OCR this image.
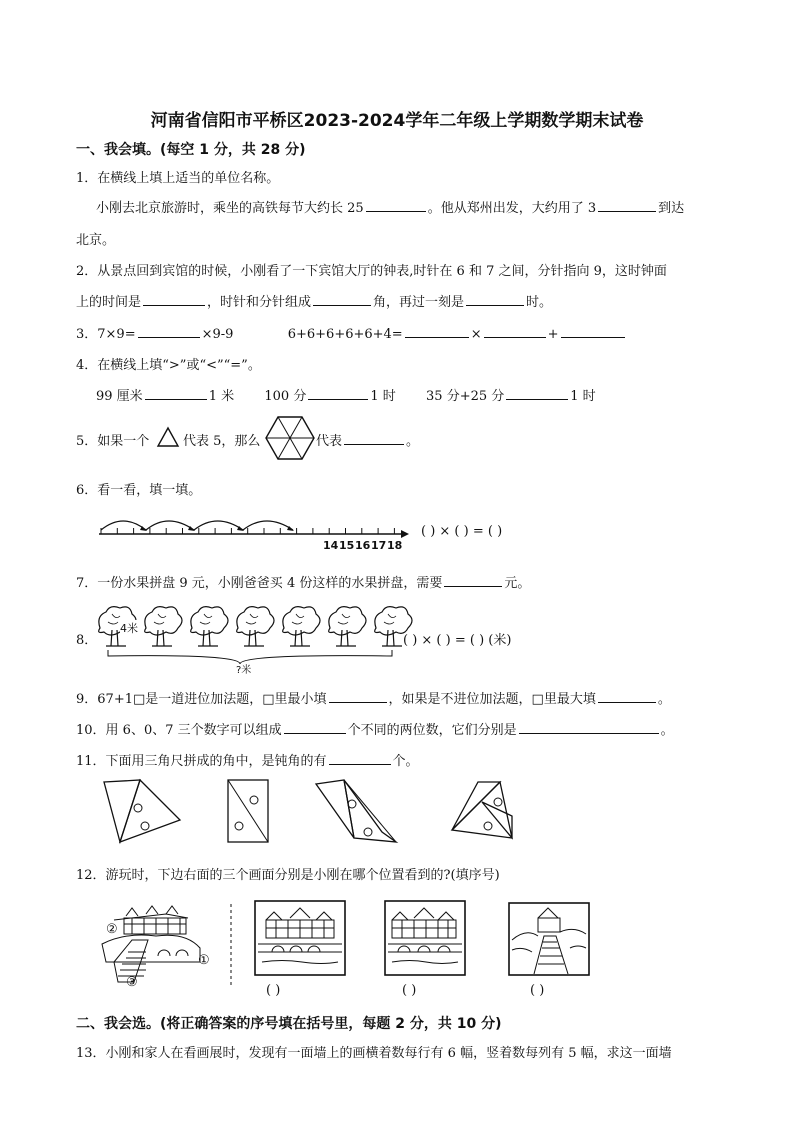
河南省信阳市平桥区2023-2024学年二年级上学期数学期末试卷
一、我会填。(每空 1 分，共 28 分)
1．在横线上填上适当的单位名称。
小刚去北京旅游时，乘坐的高铁每节大约长 25	。他从郑州出发，大约用了 3	到达
北京。
2．从景点回到宾馆的时候，小刚看了一下宾馆大厅的钟表,时针在 6 和 7 之间，分针指向 9，这时钟面
上的时间是	，时针和分针组成	角，再过一刻是	时。
3．7×9=	×9-9	6+6+6+6+6+4=	×	+
4．在横线上填“>”或“<”“=”。
99 厘米	1 米 100 分	1 时 35 分+25 分	1 时
5．如果一个	代表 5，那么	代表	。
6．看一看，填一填。
1415161718
( ) × ( ) = ( )
7．一份水果拼盘 9 元，小刚爸爸买 4 份这样的水果拼盘，需要	元。
8．
4米
?米
( ) × ( ) = ( ) (米)
9．67+1□是一道进位加法题，□里最小填	，如果是不进位加法题，□里最大填	。
10．用 6、0、7 三个数字可以组成	个不同的两位数，它们分别是	。
11．下面用三角尺拼成的角中，是钝角的有	个。
12．游玩时，下边右面的三个画面分别是小刚在哪个位置看到的?(填序号)
②
①
③
( )	( )	( )
二、我会选。(将正确答案的序号填在括号里，每题 2 分，共 10 分)
13．小刚和家人在看画展时，发现有一面墙上的画横着数每行有 6 幅，竖着数每列有 5 幅，求这一面墙
